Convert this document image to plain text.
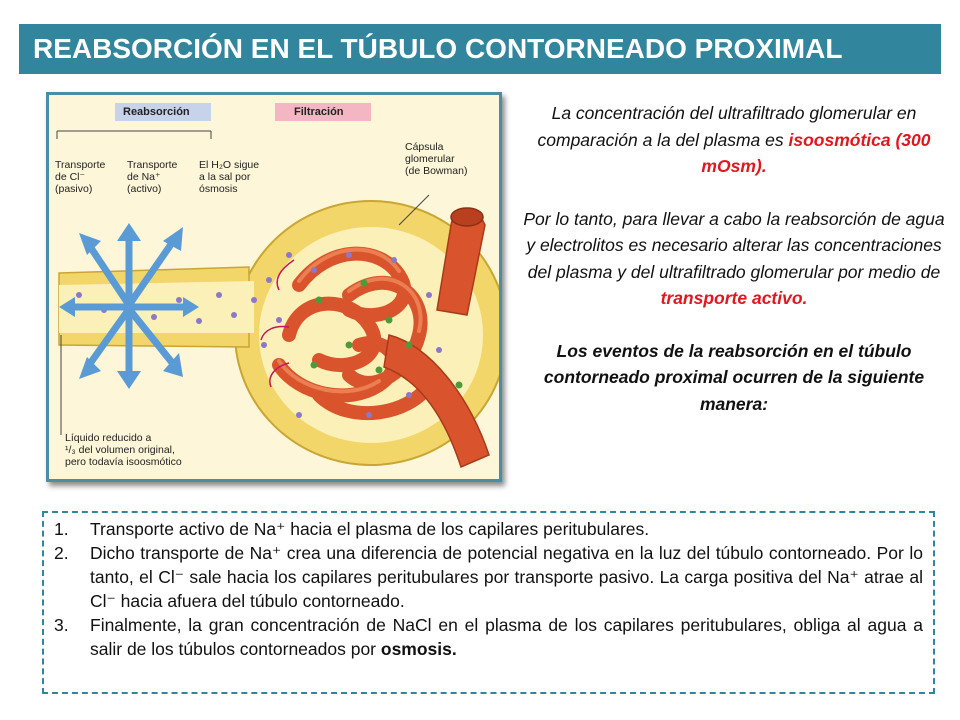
REABSORCIÓN EN EL TÚBULO CONTORNEADO PROXIMAL
Reabsorción	Filtración
Transporte
de Cl⁻
(pasivo)
Transporte
de Na⁺
(activo)
El H₂O sigue
a la sal por
ósmosis
Cápsula
glomerular
(de Bowman)
Líquido reducido a
¹/₃ del volumen original,
pero todavía isoosmótico

La concentración del ultrafiltrado glomerular en comparación a la del plasma es isoosmótica (300 mOsm).

Por lo tanto, para llevar a cabo la reabsorción de agua y electrolitos es necesario alterar las concentraciones del plasma y del ultrafiltrado glomerular por medio de transporte activo.

Los eventos de la reabsorción en el túbulo contorneado proximal ocurren de la siguiente manera:

1. Transporte activo de Na⁺ hacia el plasma de los capilares peritubulares.
2. Dicho transporte de Na⁺ crea una diferencia de potencial negativa en la luz del túbulo contorneado. Por lo tanto, el Cl⁻ sale hacia los capilares peritubulares por transporte pasivo. La carga positiva del Na⁺ atrae al Cl⁻ hacia afuera del túbulo contorneado.
3. Finalmente, la gran concentración de NaCl en el plasma de los capilares peritubulares, obliga al agua a salir de los túbulos contorneados por osmosis.
